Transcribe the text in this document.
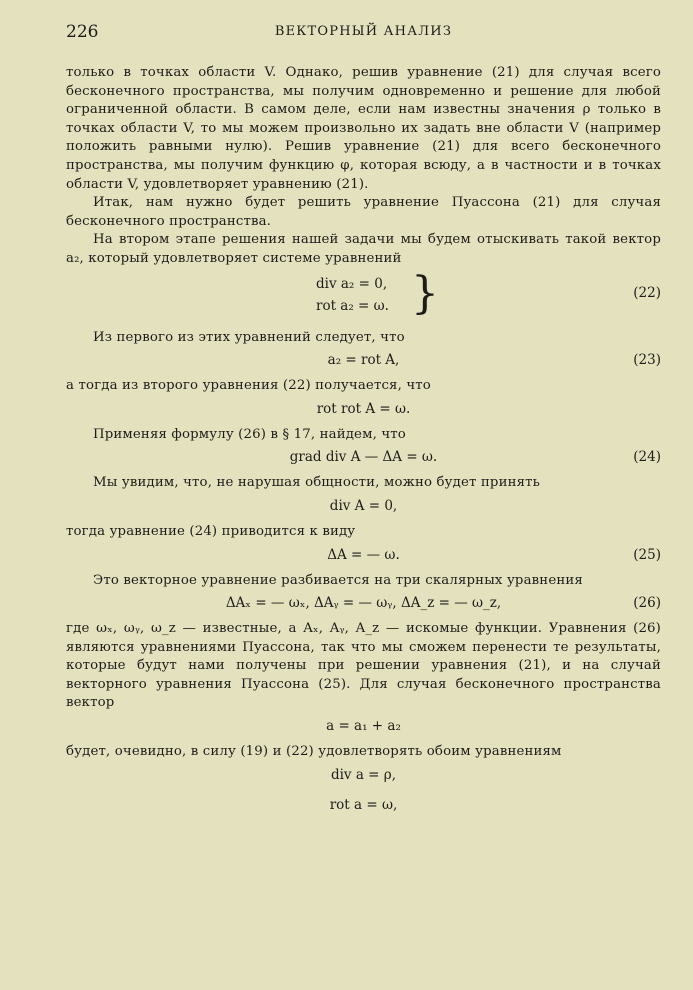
226	ВЕКТОРНЫЙ АНАЛИЗ

только в точках области V. Однако, решив уравнение (21) для случая всего бесконечного пространства, мы получим одновременно и решение для любой ограниченной области. В самом деле, если нам известны значения ρ только в точках области V, то мы можем произвольно их задать вне области V (например положить равными нулю). Решив уравнение (21) для всего бесконечного пространства, мы получим функцию φ, которая всюду, а в частности и в точках области V, удовлетворяет уравнению (21).

Итак, нам нужно будет решить уравнение Пуассона (21) для случая бесконечного пространства.

На втором этапе решения нашей задачи мы будем отыскивать такой вектор a₂, который удовлетворяет системе уравнений

div a₂ = 0,
rot a₂ = ω. }	(22)

Из первого из этих уравнений следует, что

a₂ = rot A,	(23)

а тогда из второго уравнения (22) получается, что

rot rot A = ω.

Применяя формулу (26) в § 17, найдем, что

grad div A — ΔA = ω.	(24)

Мы увидим, что, не нарушая общности, можно будет принять

div A = 0,

тогда уравнение (24) приводится к виду

ΔA = — ω.	(25)

Это векторное уравнение разбивается на три скалярных уравнения

ΔAₓ = — ωₓ, ΔAᵧ = — ωᵧ, ΔA_z = — ω_z,	(26)

где ωₓ, ωᵧ, ω_z — известные, а Aₓ, Aᵧ, A_z — искомые функции. Уравнения (26) являются уравнениями Пуассона, так что мы сможем перенести те результаты, которые будут нами получены при решении уравнения (21), и на случай векторного уравнения Пуассона (25). Для случая бесконечного пространства вектор

a = a₁ + a₂

будет, очевидно, в силу (19) и (22) удовлетворять обоим уравнениям

div a = ρ,
rot a = ω,
